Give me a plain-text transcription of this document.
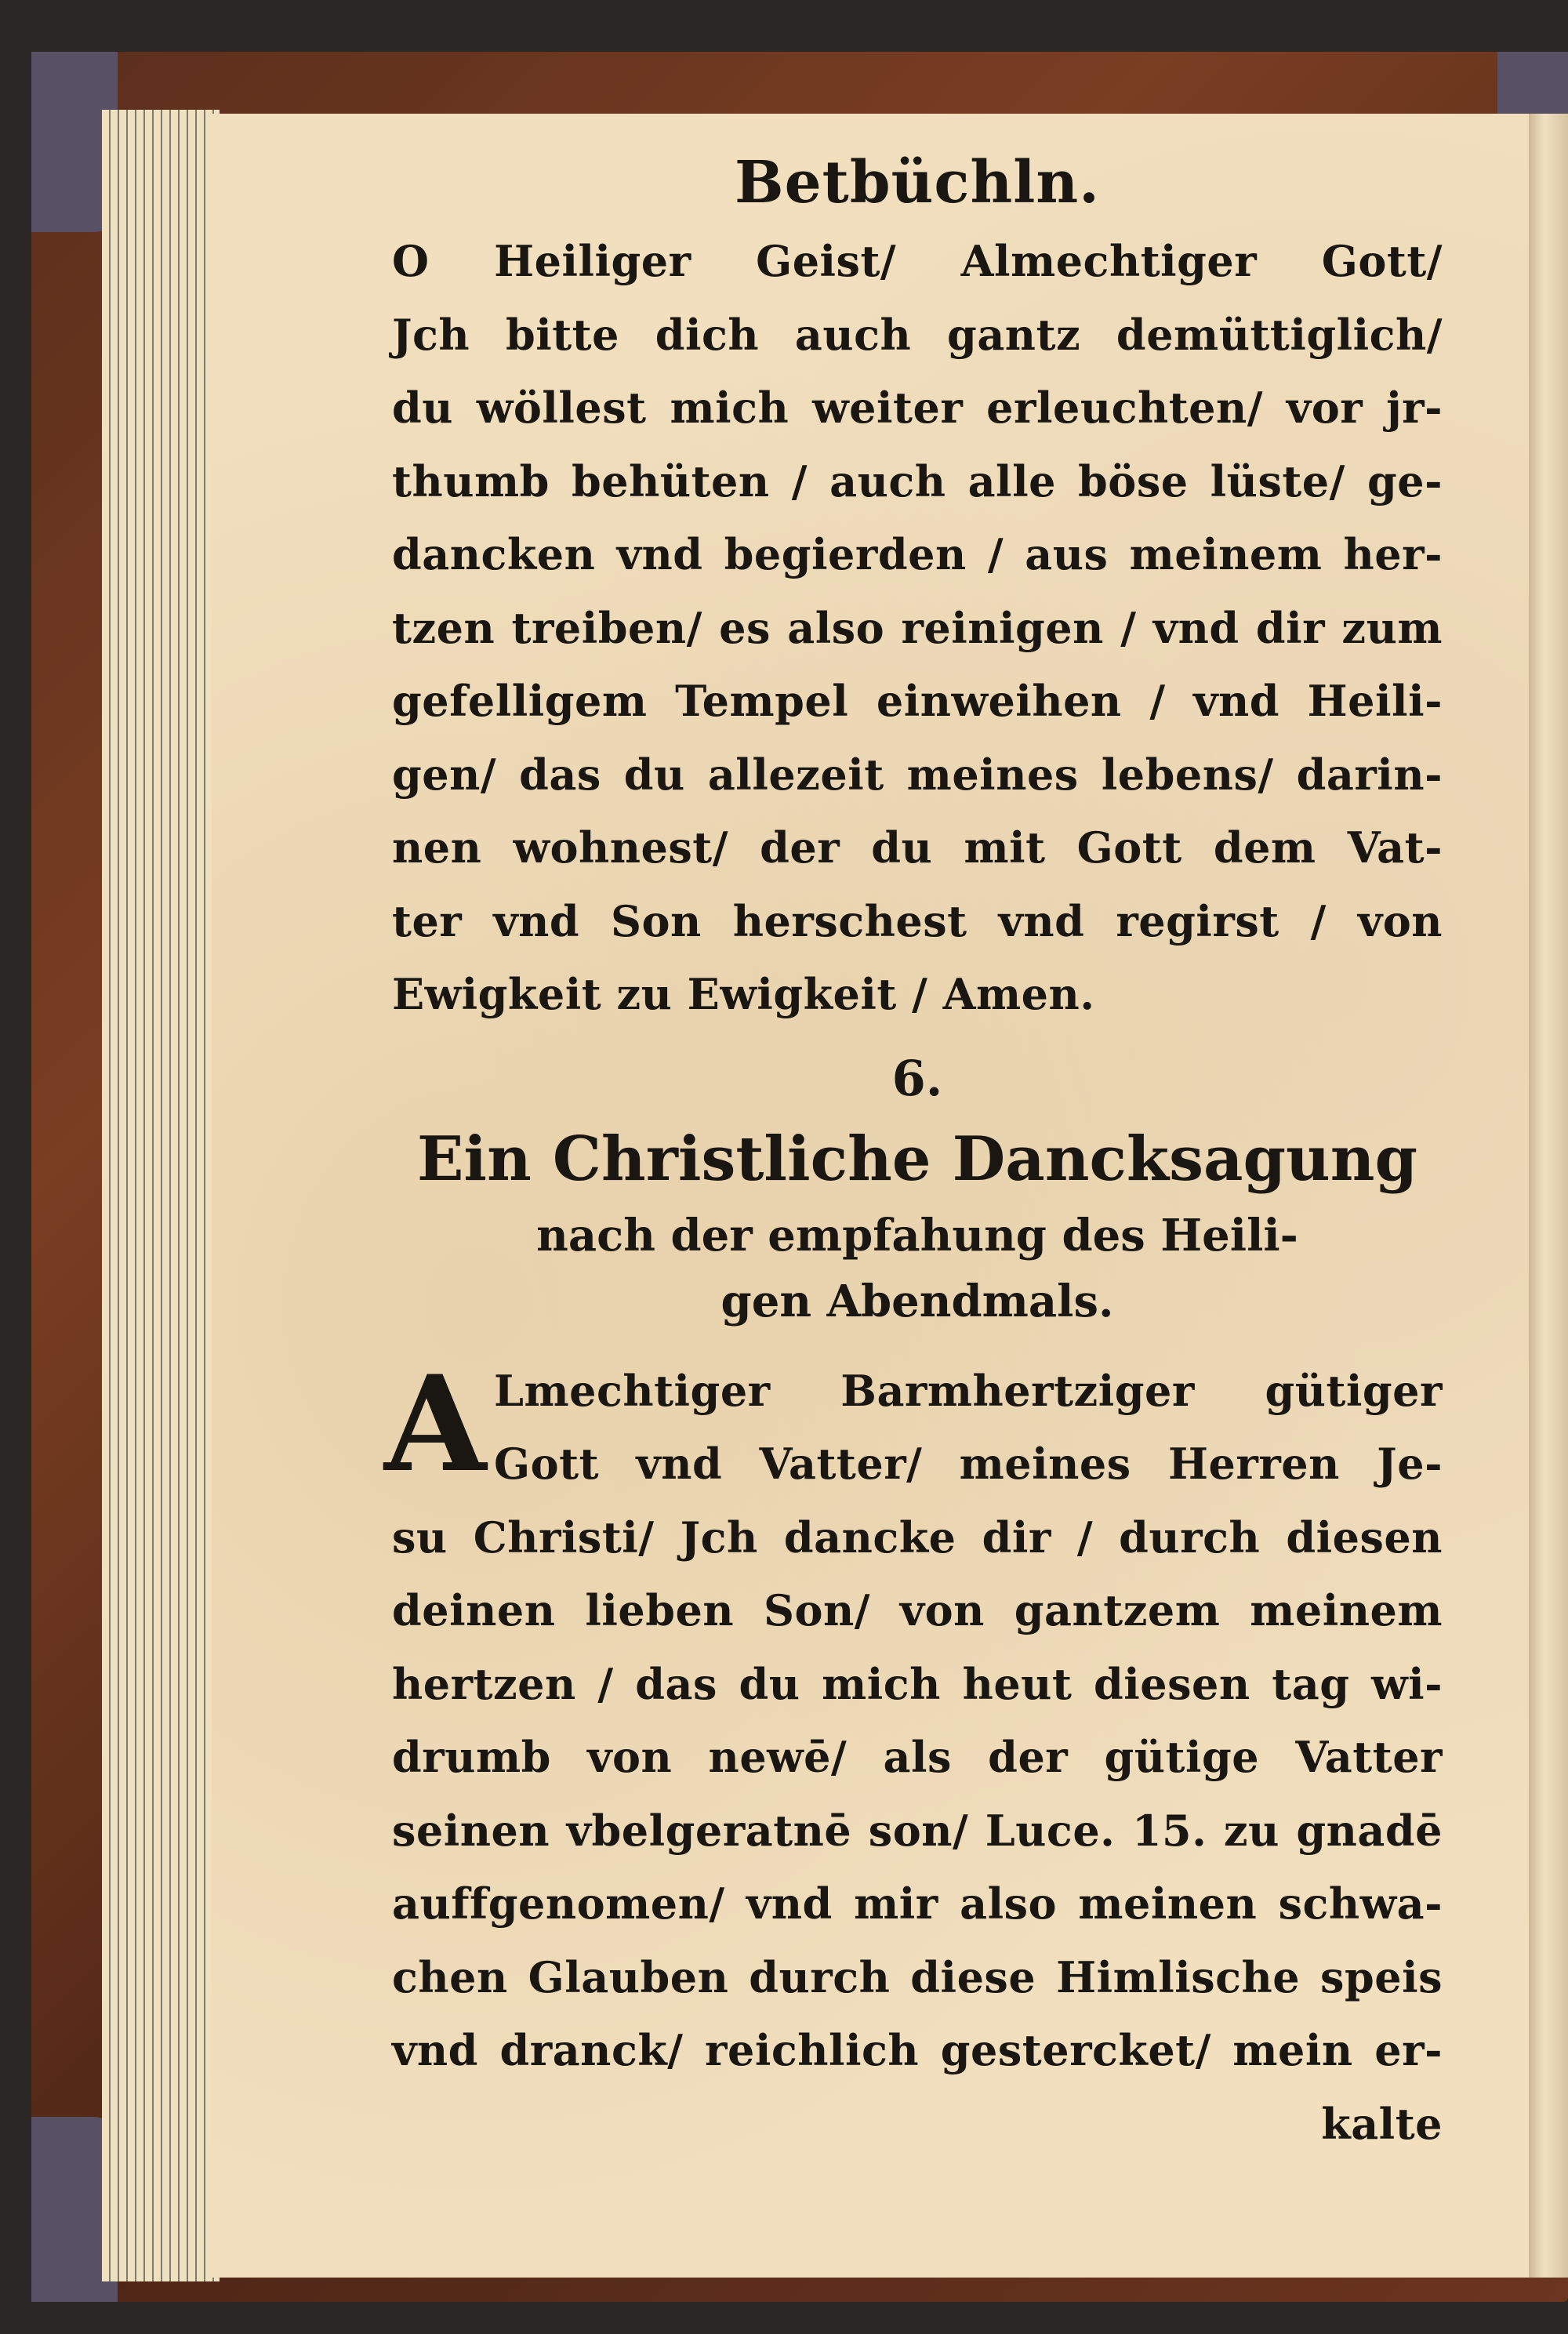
Betbüchln.
O Heiliger Geist/ Almechtiger Gott/
Jch bitte dich auch gantz demüttiglich/
du wöllest mich weiter erleuchten/ vor jr-
thumb behüten / auch alle böse lüste/ ge-
dancken vnd begierden / aus meinem her-
tzen treiben/ es also reinigen / vnd dir zum
gefelligem Tempel einweihen / vnd Heili-
gen/ das du allezeit meines lebens/ darin-
nen wohnest/ der du mit Gott dem Vat-
ter vnd Son herschest vnd regirst / von
Ewigkeit zu Ewigkeit / Amen.
6.
Ein Christliche Dancksagung
nach der empfahung des Heili-
gen Abendmals.
A Lmechtiger Barmhertziger gütiger
Gott vnd Vatter/ meines Herren Je-
su Christi/ Jch dancke dir / durch diesen
deinen lieben Son/ von gantzem meinem
hertzen / das du mich heut diesen tag wi-
drumb von newē/ als der gütige Vatter
seinen vbelgeratnē son/ Luce. 15. zu gnadē
auffgenomen/ vnd mir also meinen schwa-
chen Glauben durch diese Himlische speis
vnd dranck/ reichlich gestercket/ mein er-
kalte
